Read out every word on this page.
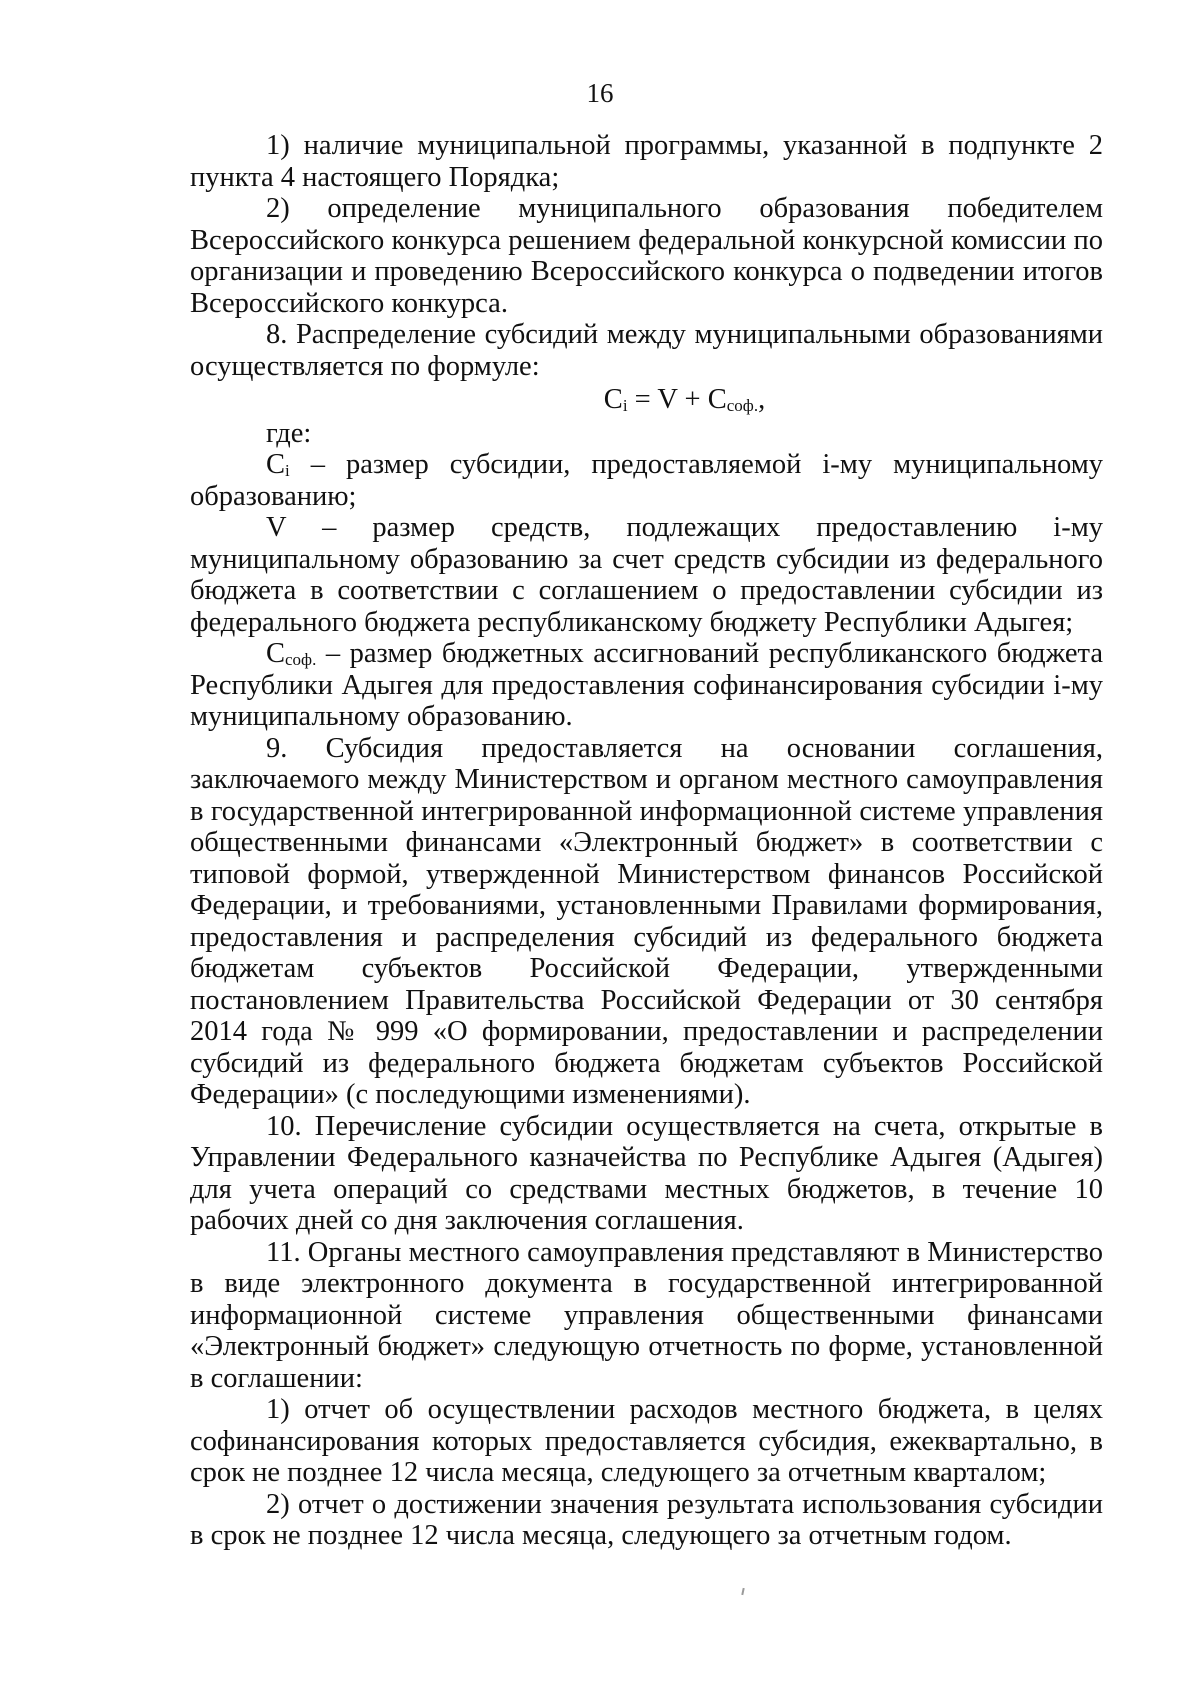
16

1) наличие муниципальной программы, указанной в подпункте 2 пункта 4 настоящего Порядка;

2) определение муниципального образования победителем Всероссийского конкурса решением федеральной конкурсной комиссии по организации и проведению Всероссийского конкурса о подведении итогов Всероссийского конкурса.

8. Распределение субсидий между муниципальными образованиями осуществляется по формуле:

$C_i = V + C_{соф.}$,

где:

$C_i$ – размер субсидии, предоставляемой i-му муниципальному образованию;

V – размер средств, подлежащих предоставлению i-му муниципальному образованию за счет средств субсидии из федерального бюджета в соответствии с соглашением о предоставлении субсидии из федерального бюджета республиканскому бюджету Республики Адыгея;

$C_{соф.}$ – размер бюджетных ассигнований республиканского бюджета Республики Адыгея для предоставления софинансирования субсидии i-му муниципальному образованию.

9. Субсидия предоставляется на основании соглашения, заключаемого между Министерством и органом местного самоуправления в государственной интегрированной информационной системе управления общественными финансами «Электронный бюджет» в соответствии с типовой формой, утвержденной Министерством финансов Российской Федерации, и требованиями, установленными Правилами формирования, предоставления и распределения субсидий из федерального бюджета бюджетам субъектов Российской Федерации, утвержденными постановлением Правительства Российской Федерации от 30 сентября 2014 года № 999 «О формировании, предоставлении и распределении субсидий из федерального бюджета бюджетам субъектов Российской Федерации» (с последующими изменениями).

10. Перечисление субсидии осуществляется на счета, открытые в Управлении Федерального казначейства по Республике Адыгея (Адыгея) для учета операций со средствами местных бюджетов, в течение 10 рабочих дней со дня заключения соглашения.

11. Органы местного самоуправления представляют в Министерство в виде электронного документа в государственной интегрированной информационной системе управления общественными финансами «Электронный бюджет» следующую отчетность по форме, установленной в соглашении:

1) отчет об осуществлении расходов местного бюджета, в целях софинансирования которых предоставляется субсидия, ежеквартально, в срок не позднее 12 числа месяца, следующего за отчетным кварталом;

2) отчет о достижении значения результата использования субсидии в срок не позднее 12 числа месяца, следующего за отчетным годом.
